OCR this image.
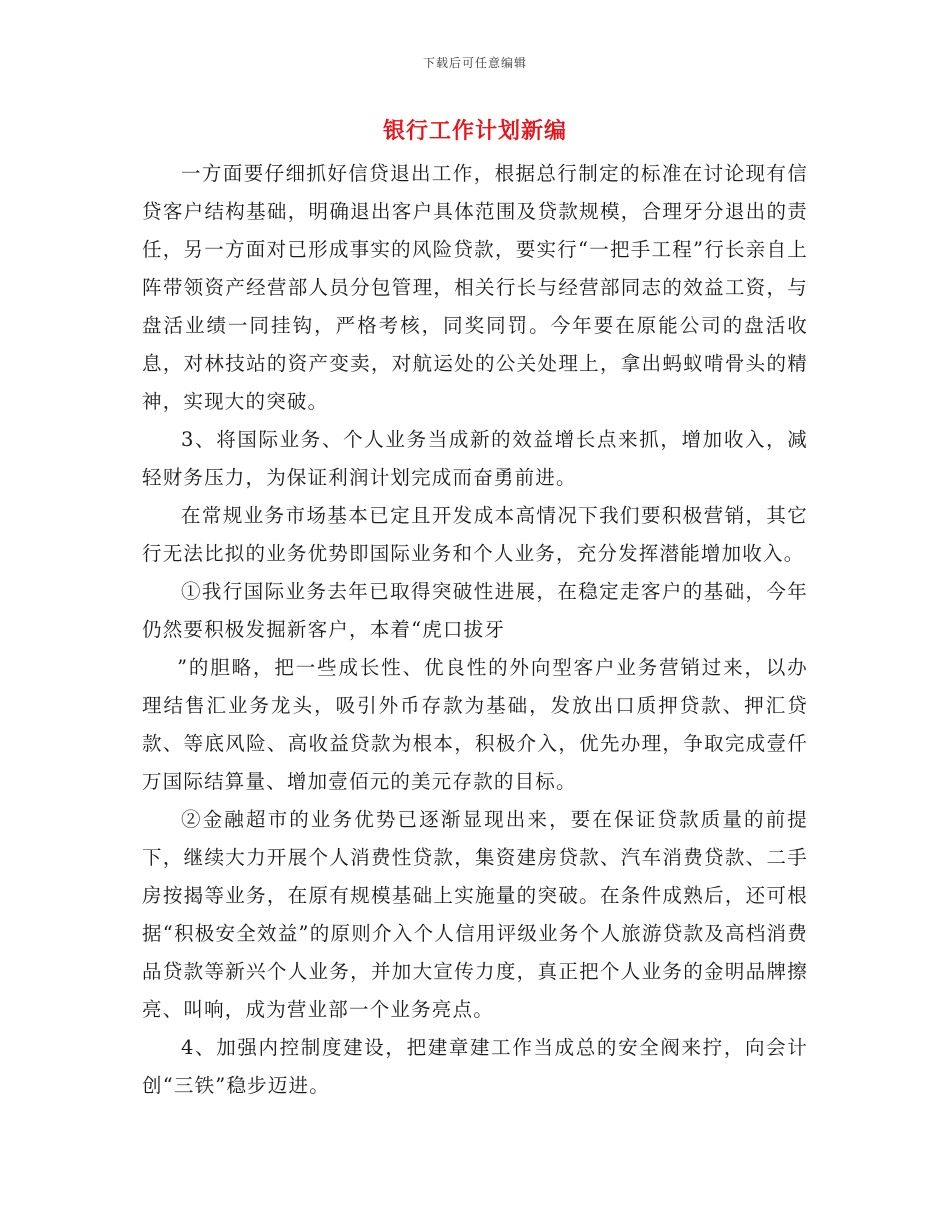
下载后可任意编辑
银行工作计划新编

一方面要仔细抓好信贷退出工作，根据总行制定的标准在讨论现有信贷客户结构基础，明确退出客户具体范围及贷款规模，合理牙分退出的责任，另一方面对已形成事实的风险贷款，要实行“一把手工程”行长亲自上阵带领资产经营部人员分包管理，相关行长与经营部同志的效益工资，与盘活业绩一同挂钩，严格考核，同奖同罚。今年要在原能公司的盘活收息，对林技站的资产变卖，对航运处的公关处理上，拿出蚂蚁啃骨头的精神，实现大的突破。

3、将国际业务、个人业务当成新的效益增长点来抓，增加收入，减轻财务压力，为保证利润计划完成而奋勇前进。

在常规业务市场基本已定且开发成本高情况下我们要积极营销，其它行无法比拟的业务优势即国际业务和个人业务，充分发挥潜能增加收入。

①我行国际业务去年已取得突破性进展，在稳定走客户的基础，今年仍然要积极发掘新客户，本着“虎口拔牙

”的胆略，把一些成长性、优良性的外向型客户业务营销过来，以办理结售汇业务龙头，吸引外币存款为基础，发放出口质押贷款、押汇贷款、等底风险、高收益贷款为根本，积极介入，优先办理，争取完成壹仟万国际结算量、增加壹佰元的美元存款的目标。

②金融超市的业务优势已逐渐显现出来，要在保证贷款质量的前提下，继续大力开展个人消费性贷款，集资建房贷款、汽车消费贷款、二手房按揭等业务，在原有规模基础上实施量的突破。在条件成熟后，还可根据“积极安全效益”的原则介入个人信用评级业务个人旅游贷款及高档消费品贷款等新兴个人业务，并加大宣传力度，真正把个人业务的金明品牌擦亮、叫响，成为营业部一个业务亮点。

4、加强内控制度建设，把建章建工作当成总的安全阀来拧，向会计创“三铁”稳步迈进。
